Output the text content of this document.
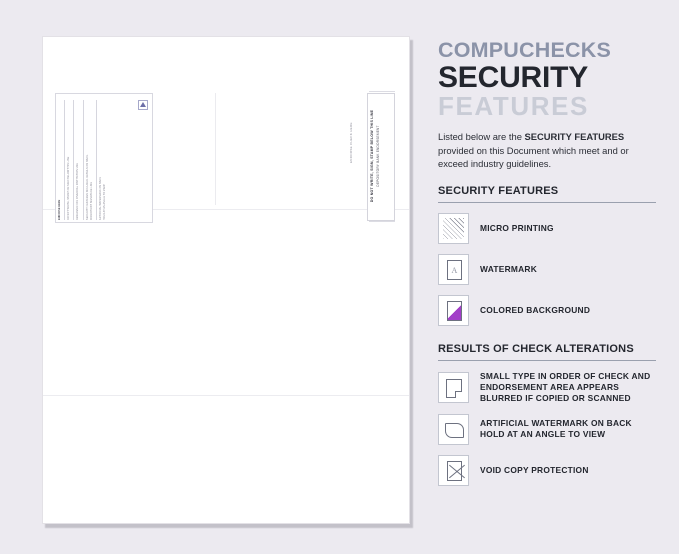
ENDORSE HERE	DO NOT WRITE, STAMP OR SIGN BELOW THIS LINE	RESERVED FOR FINANCIAL INSTITUTION USE	SECURITY FEATURES INCLUDED. DETAILS ON BACK. MICROPRINT SIGNATURE LINE	ARTIFICIAL WATERMARK ON BACK HOLD AT AN ANGLE TO VIEW
ENDORSE CHECK HERE	DO NOT WRITE, SIGN, STAMP BELOW THIS LINE DEPOSITORY BANK ENDORSEMENT
COMPUCHECKS
SECURITY
FEATURES
Listed below are the SECURITY FEATURES provided on this Document which meet and or exceed industry guidelines.
SECURITY FEATURES
MICRO PRINTING
A	WATERMARK
COLORED BACKGROUND
RESULTS OF CHECK ALTERATIONS
SMALL TYPE IN ORDER OF CHECK AND ENDORSEMENT AREA APPEARS BLURRED IF COPIED OR SCANNED
ARTIFICIAL WATERMARK ON BACK HOLD AT AN ANGLE TO VIEW
VOID COPY PROTECTION
